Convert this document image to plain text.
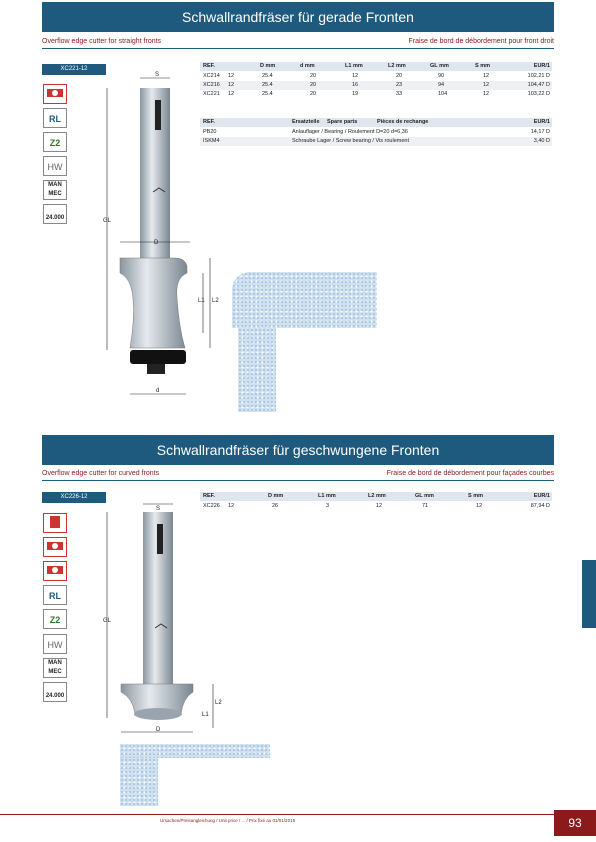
Schwallrandfräser für gerade Fronten
Overflow edge cutter for straight fronts	Fraise de bord de débordement pour front droit
XC221-12
RL
Z2
HW
MAN MEC
24.000
REF.	D mm	d mm	L1 mm	L2 mm	GL mm	S mm	EUR/1
XC214 12	25.4	20	12	20	90	12	102,21 D
XC216 12	25.4	20	16	23	94	12	104,47 D
XC221 12	25.4	20	19	33	104	12	103,22 D
REF.	Ersatzteile Spare parts	Pièces de rechange	EUR/1
PB20	Anlauflager / Bearing / Roulement D=20 d=6,36	14,17 D
ISKM4	Schraube Lager / Screw bearing / Vis roulement	3,40 D
S
GL
D
L1 L2
d
Schwallrandfräser für geschwungene Fronten
Overflow edge cutter for curved fronts	Fraise de bord de débordement pour façades courbes
XC226-12
RL
Z2
HW
MAN MEC
24.000
REF.	D mm	L1 mm	L2 mm	GL mm	S mm	EUR/1
XC226 12	26	3	12	71	12	87,94 D
S
GL
L2
L1
D
Ursachen/Preisangleichung / Unit price / ... / Prix fixé au 01/01/2015	93
